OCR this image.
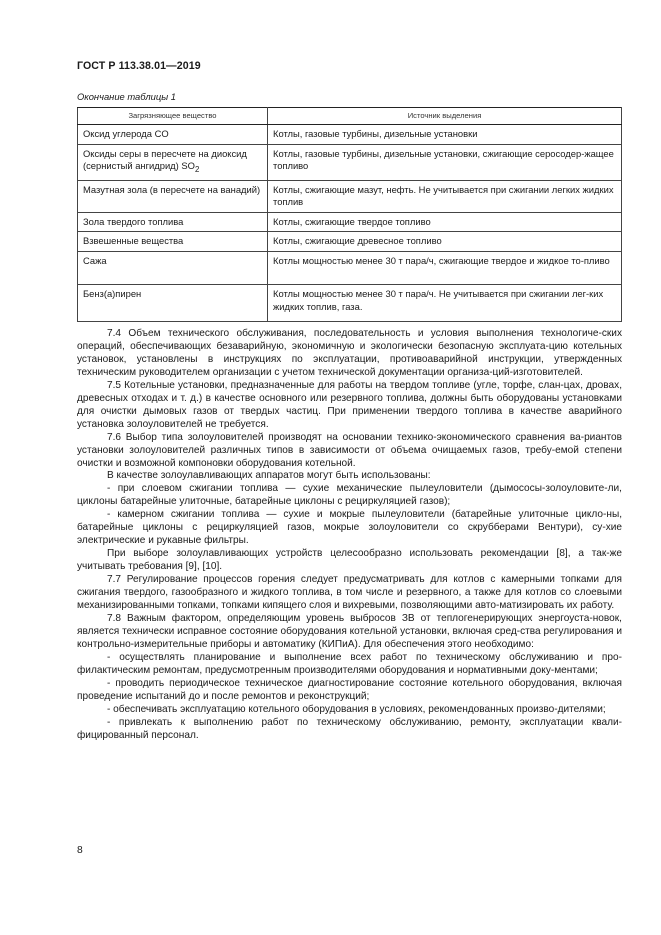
ГОСТ Р 113.38.01—2019
Окончание таблицы 1
Загрязняющее вещество	Источник выделения
Оксид углерода CO	Котлы, газовые турбины, дизельные установки
Оксиды серы в пересчете на диоксид (сернистый ангидрид) $SO_2$	Котлы, газовые турбины, дизельные установки, сжигающие серосодер-жащее топливо
Мазутная зола (в пересчете на ванадий)	Котлы, сжигающие мазут, нефть. Не учитывается при сжигании легких жидких топлив
Зола твердого топлива	Котлы, сжигающие твердое топливо
Взвешенные вещества	Котлы, сжигающие древесное топливо
Сажа	Котлы мощностью менее 30 т пара/ч, сжигающие твердое и жидкое то-пливо
Бенз(а)пирен	Котлы мощностью менее 30 т пара/ч. Не учитывается при сжигании лег-ких жидких топлив, газа.

7.4 Объем технического обслуживания, последовательность и условия выполнения технологиче-ских операций, обеспечивающих безаварийную, экономичную и экологически безопасную эксплуата-цию котельных установок, установлены в инструкциях по эксплуатации, противоаварийной инструкции, утвержденных техническим руководителем организации с учетом технической документации организа-ций-изготовителей.

7.5 Котельные установки, предназначенные для работы на твердом топливе (угле, торфе, слан-цах, дровах, древесных отходах и т. д.) в качестве основного или резервного топлива, должны быть оборудованы установками для очистки дымовых газов от твердых частиц. При применении твердого топлива в качестве аварийного установка золоуловителей не требуется.

7.6 Выбор типа золоуловителей производят на основании технико-экономического сравнения ва-риантов установки золоуловителей различных типов в зависимости от объема очищаемых газов, требу-емой степени очистки и возможной компоновки оборудования котельной.

В качестве золоулавливающих аппаратов могут быть использованы:

- при слоевом сжигании топлива — сухие механические пылеуловители (дымососы-золоуловите-ли, циклоны батарейные улиточные, батарейные циклоны с рециркуляцией газов);

- камерном сжигании топлива — сухие и мокрые пылеуловители (батарейные улиточные цикло-ны, батарейные циклоны с рециркуляцией газов, мокрые золоуловители со скрубберами Вентури), су-хие электрические и рукавные фильтры.

При выборе золоулавливающих устройств целесообразно использовать рекомендации [8], а так-же учитывать требования [9], [10].

7.7 Регулирование процессов горения следует предусматривать для котлов с камерными топками для сжигания твердого, газообразного и жидкого топлива, в том числе и резервного, а также для котлов со слоевыми механизированными топками, топками кипящего слоя и вихревыми, позволяющими авто-матизировать их работу.

7.8 Важным фактором, определяющим уровень выбросов ЗВ от теплогенерирующих энергоуста-новок, является технически исправное состояние оборудования котельной установки, включая сред-ства регулирования и контрольно-измерительные приборы и автоматику (КИПиА). Для обеспечения этого необходимо:

- осуществлять планирование и выполнение всех работ по техническому обслуживанию и про-филактическим ремонтам, предусмотренным производителями оборудования и нормативными доку-ментами;

- проводить периодическое техническое диагностирование состояние котельного оборудования, включая проведение испытаний до и после ремонтов и реконструкций;

- обеспечивать эксплуатацию котельного оборудования в условиях, рекомендованных произво-дителями;

- привлекать к выполнению работ по техническому обслуживанию, ремонту, эксплуатации квали-фицированный персонал.

8
